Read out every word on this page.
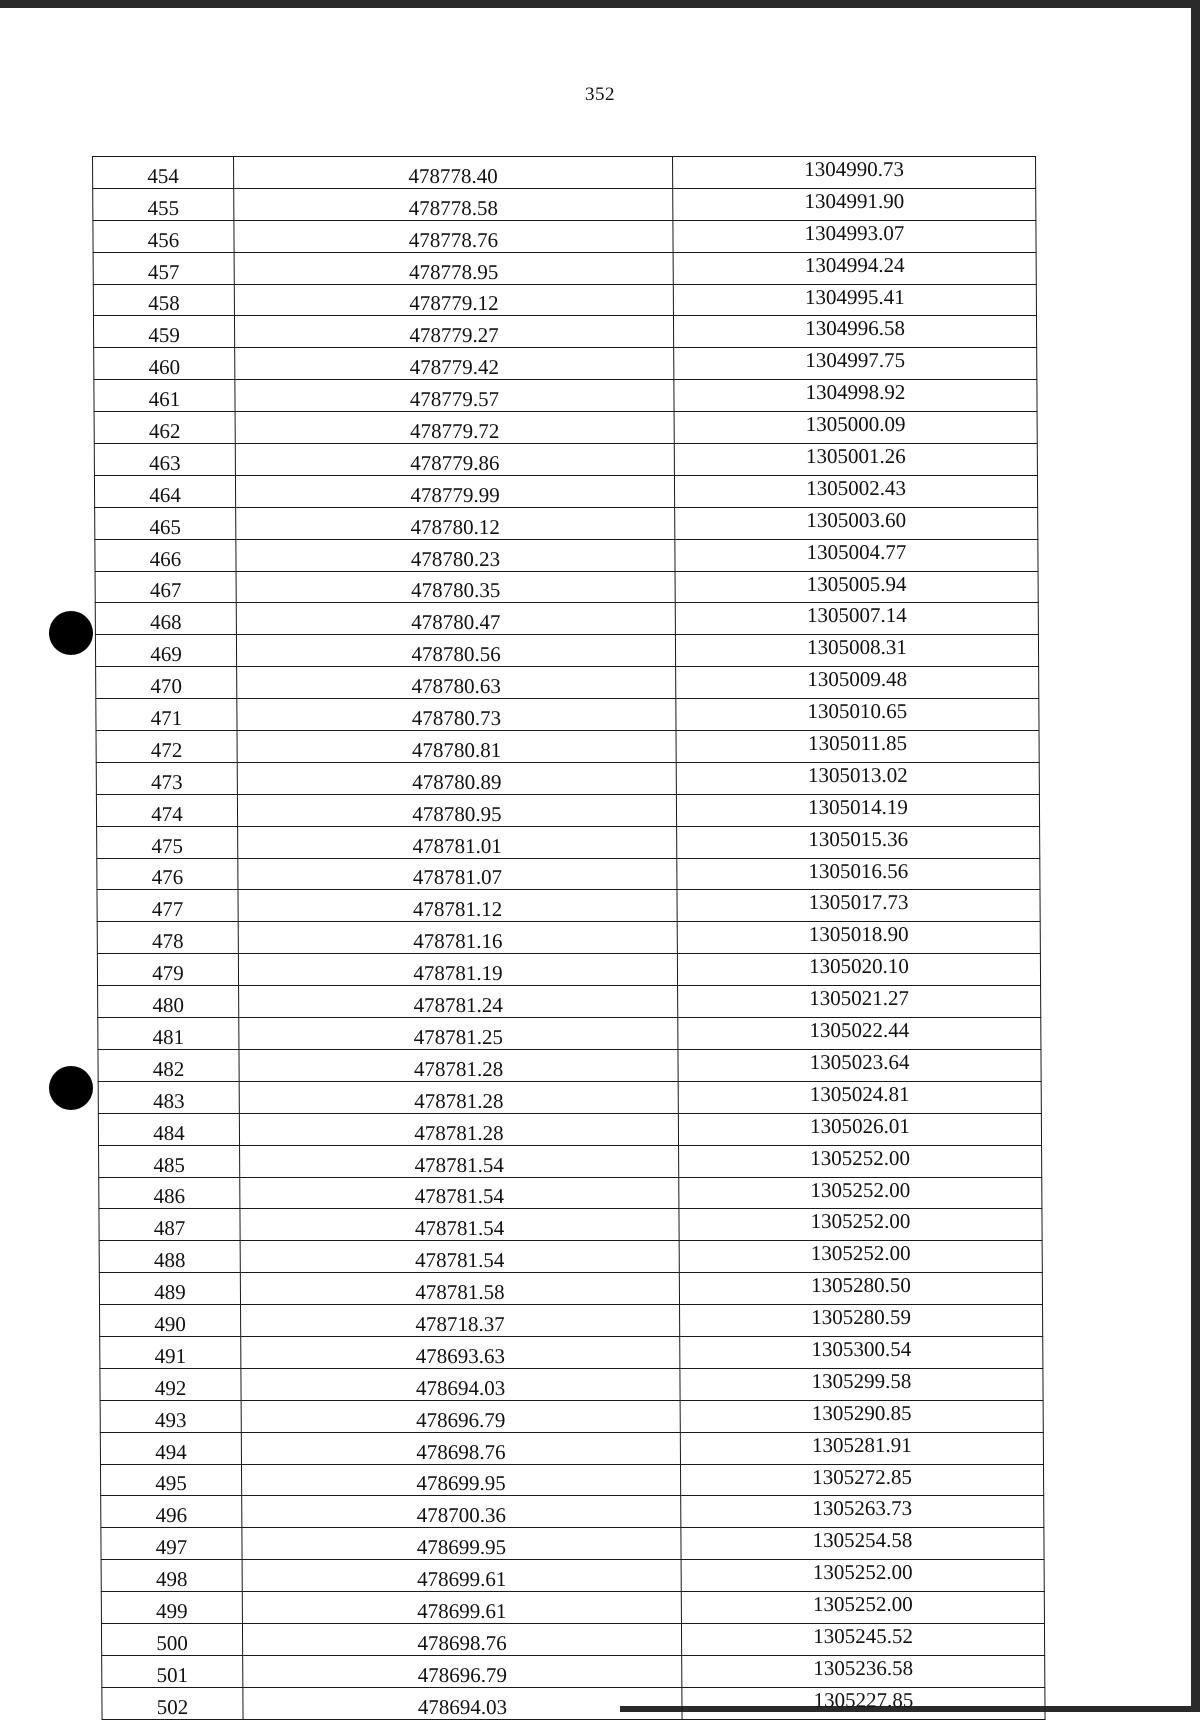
352
454	478778.40	1304990.73
455	478778.58	1304991.90
456	478778.76	1304993.07
457	478778.95	1304994.24
458	478779.12	1304995.41
459	478779.27	1304996.58
460	478779.42	1304997.75
461	478779.57	1304998.92
462	478779.72	1305000.09
463	478779.86	1305001.26
464	478779.99	1305002.43
465	478780.12	1305003.60
466	478780.23	1305004.77
467	478780.35	1305005.94
468	478780.47	1305007.14
469	478780.56	1305008.31
470	478780.63	1305009.48
471	478780.73	1305010.65
472	478780.81	1305011.85
473	478780.89	1305013.02
474	478780.95	1305014.19
475	478781.01	1305015.36
476	478781.07	1305016.56
477	478781.12	1305017.73
478	478781.16	1305018.90
479	478781.19	1305020.10
480	478781.24	1305021.27
481	478781.25	1305022.44
482	478781.28	1305023.64
483	478781.28	1305024.81
484	478781.28	1305026.01
485	478781.54	1305252.00
486	478781.54	1305252.00
487	478781.54	1305252.00
488	478781.54	1305252.00
489	478781.58	1305280.50
490	478718.37	1305280.59
491	478693.63	1305300.54
492	478694.03	1305299.58
493	478696.79	1305290.85
494	478698.76	1305281.91
495	478699.95	1305272.85
496	478700.36	1305263.73
497	478699.95	1305254.58
498	478699.61	1305252.00
499	478699.61	1305252.00
500	478698.76	1305245.52
501	478696.79	1305236.58
502	478694.03	1305227.85
